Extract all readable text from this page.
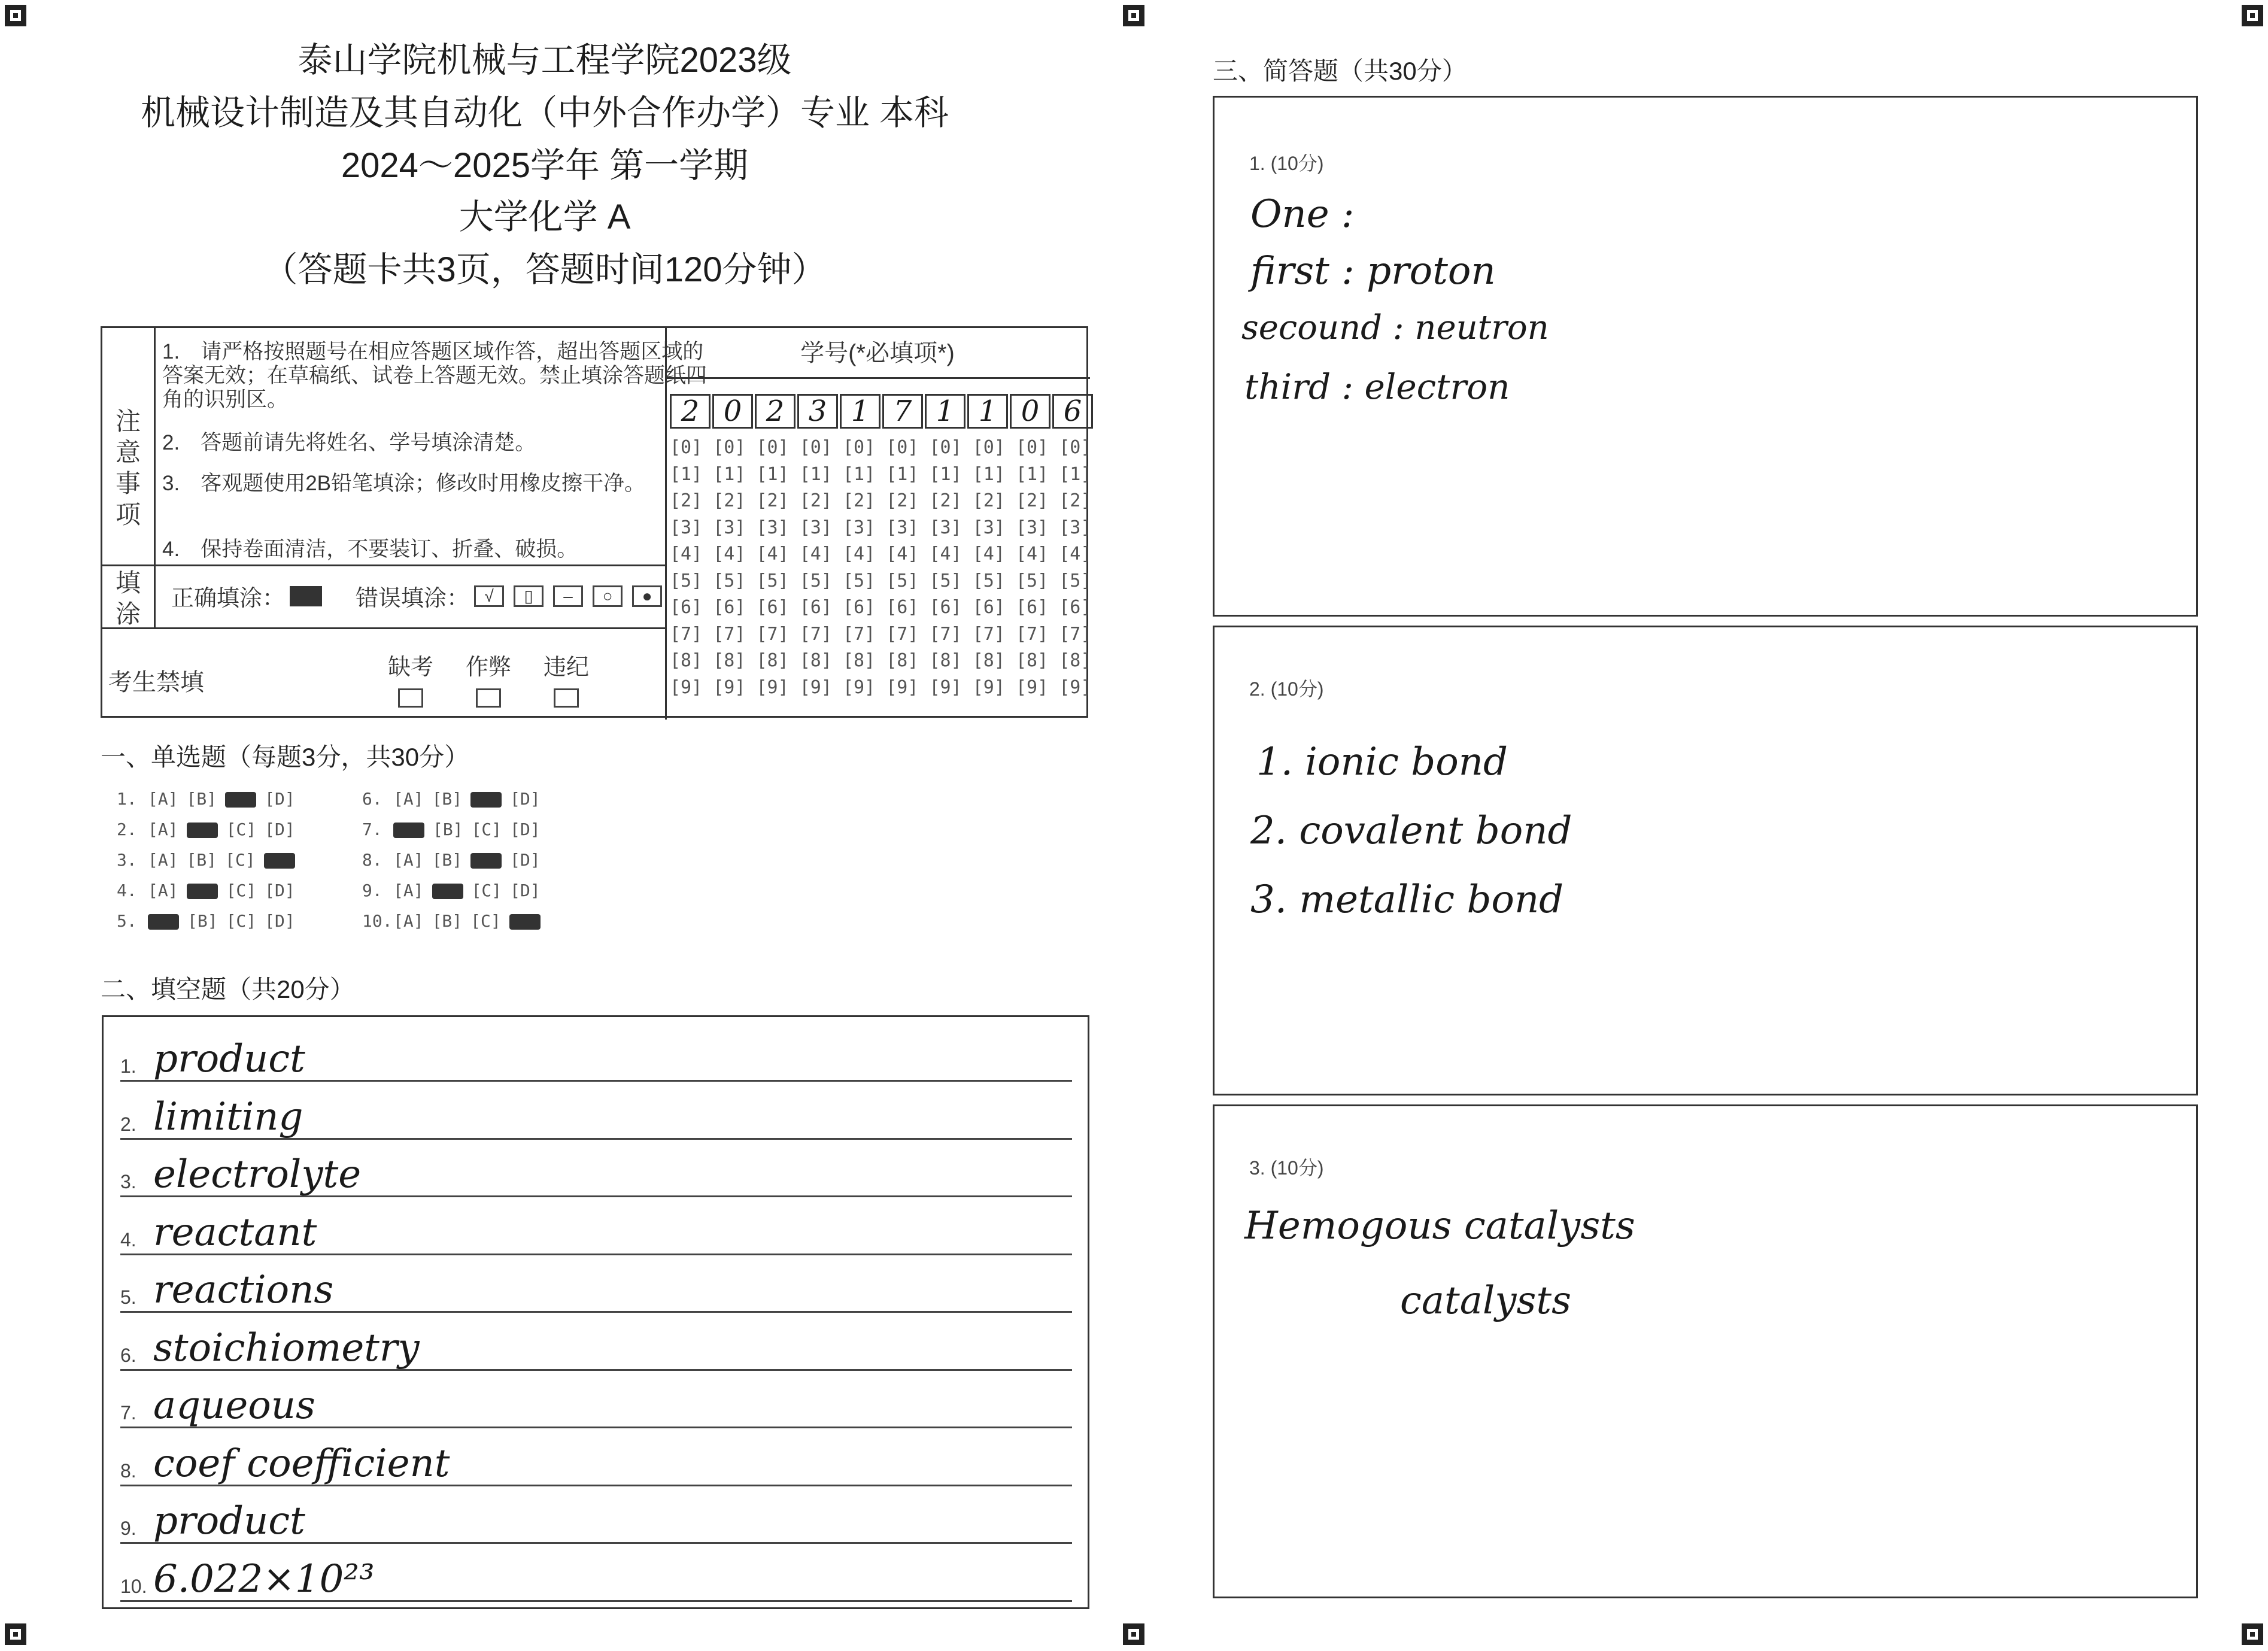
泰山学院机械与工程学院2023级
机械设计制造及其自动化（中外合作办学）专业 本科
2024～2025学年 第一学期
大学化学 A
（答题卡共3页，答题时间120分钟）
注意事项
1.　请严格按照题号在相应答题区域作答，超出答题区域的答案无效；在草稿纸、试卷上答题无效。禁止填涂答题纸四角的识别区。
2.　答题前请先将姓名、学号填涂清楚。
3.　客观题使用2B铅笔填涂；修改时用橡皮擦干净。
4.　保持卷面清洁，不要装订、折叠、破损。
填涂
正确填涂：	错误填涂： √	▯	–	○	●
考生禁填
缺考	作弊	违纪
学号(*必填项*)
2 0 2 3 1 7 1 1 0 6
[0] [0] [0] [0] [0] [0] [0] [0] [0] [0]
[1] [1] [1] [1] [1] [1] [1] [1] [1] [1]
[2] [2] [2] [2] [2] [2] [2] [2] [2] [2]
[3] [3] [3] [3] [3] [3] [3] [3] [3] [3]
[4] [4] [4] [4] [4] [4] [4] [4] [4] [4]
[5] [5] [5] [5] [5] [5] [5] [5] [5] [5]
[6] [6] [6] [6] [6] [6] [6] [6] [6] [6]
[7] [7] [7] [7] [7] [7] [7] [7] [7] [7]
[8] [8] [8] [8] [8] [8] [8] [8] [8] [8]
[9] [9] [9] [9] [9] [9] [9] [9] [9] [9]
一、单选题（每题3分，共30分）
1. [A] [B]	[D]
2. [A]	[C] [D]
3. [A] [B] [C]
4. [A]	[C] [D]
5.	[B] [C] [D]
6. [A] [B]	[D]
7.	[B] [C] [D]
8. [A] [B]	[D]
9. [A]	[C] [D]
10.[A] [B] [C]
二、填空题（共20分）
1. product
2. limiting
3. electrolyte
4. reactant
5. reactions
6. stoichiometry
7. aqueous
8. coef coefficient
9. product
10. 6.022×10²³
三、简答题（共30分）
1. (10分)
One :
first : proton
secound : neutron
third : electron
2. (10分)
1. ionic bond
2. covalent bond
3. metallic bond
3. (10分)
Hemogous catalysts
catalysts
